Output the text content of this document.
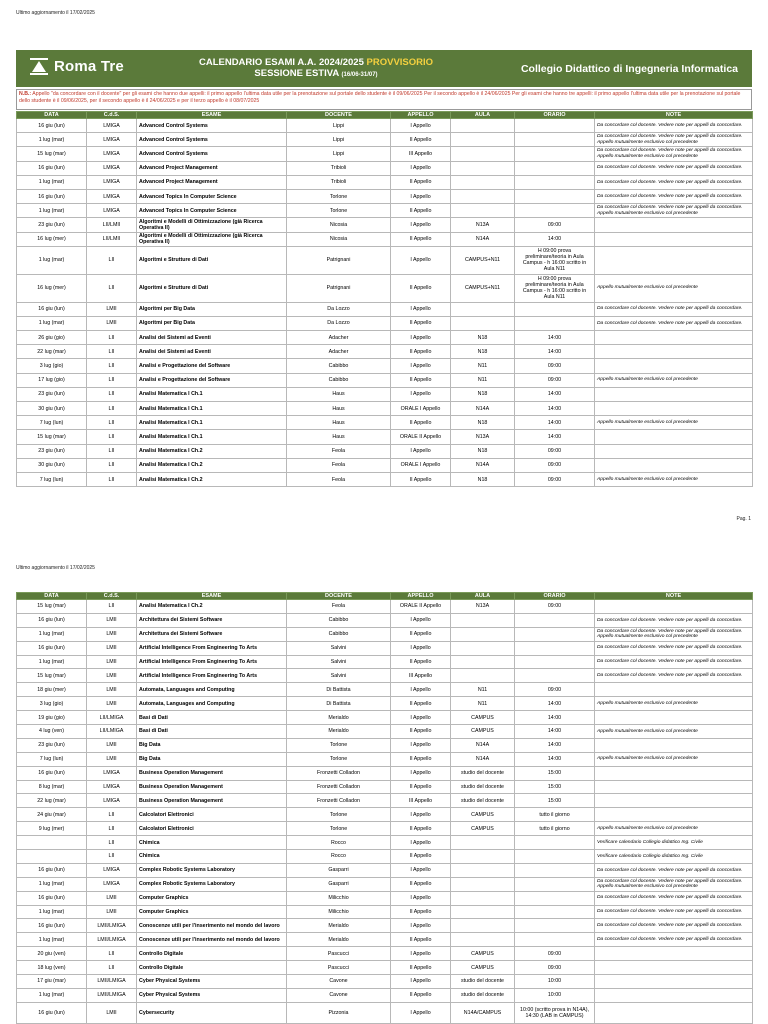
Ultimo aggiornamento il 17/02/2025
Roma Tre	CALENDARIO ESAMI A.A. 2024/2025 PROVVISORIO
SESSIONE ESTIVA (16/06-31/07)	Collegio Didattico di Ingegneria Informatica
N.B.: Appello "da concordare con il docente" per gli esami che hanno due appelli: il primo appello l'ultima data utile per la prenotazione sul portale dello studente è il 09/06/2025 Per il secondo appello è il 24/06/2025 Per gli esami che hanno tre appelli: il primo appello l'ultima data utile per la prenotazione sul portale dello studente è il 09/06/2025, per il secondo appello è il 24/06/2025 e per il terzo appello è il 08/07/2025
DATA	C.d.S.	ESAME	DOCENTE	APPELLO	AULA	ORARIO	NOTE
16 giu (lun)	LMIGA	Advanced Control Systems	Lippi	I Appello			Da concordare col docente. Vedere note per appelli da concordare.
1 lug (mar)	LMIGA	Advanced Control Systems	Lippi	II Appello			Da concordare col docente. Vedere note per appelli da concordare. Appello mutualmente esclusivo col precedente
15 lug (mar)	LMIGA	Advanced Control Systems	Lippi	III Appello			Da concordare col docente. Vedere note per appelli da concordare. Appello mutualmente esclusivo col precedente
16 giu (lun)	LMIGA	Advanced Project Management	Tribioli	I Appello			Da concordare col docente. Vedere note per appelli da concordare.
1 lug (mar)	LMIGA	Advanced Project Management	Tribioli	II Appello			Da concordare col docente. Vedere note per appelli da concordare.
16 giu (lun)	LMIGA	Advanced Topics In Computer Science	Torlone	I Appello			Da concordare col docente. Vedere note per appelli da concordare.
1 lug (mar)	LMIGA	Advanced Topics In Computer Science	Torlone	II Appello			Da concordare col docente. Vedere note per appelli da concordare. Appello mutualmente esclusivo col precedente
23 giu (lun)	LII/LMII	Algoritmi e Modelli di Ottimizzazione (già Ricerca Operativa II)	Nicosia	I Appello	N13A	09:00	
16 lug (mer)	LII/LMII	Algoritmi e Modelli di Ottimizzazione (già Ricerca Operativa II)	Nicosia	II Appello	N14A	14:00	
1 lug (mar)	LII	Algoritmi e Strutture di Dati	Patrignani	I Appello	CAMPUS+N11	H 09:00 prova preliminare/teoria in Aula Campus - h 16:00 scritto in Aula N11	
16 lug (mer)	LII	Algoritmi e Strutture di Dati	Patrignani	II Appello	CAMPUS+N11	H 09:00 prova preliminare/teoria in Aula Campus - h 16:00 scritto in Aula N11	Appello mutualmente esclusivo col precedente
16 giu (lun)	LMII	Algoritmi per Big Data	Da Lozzo	I Appello			Da concordare col docente. Vedere note per appelli da concordare.
1 lug (mar)	LMII	Algoritmi per Big Data	Da Lozzo	II Appello			Da concordare col docente. Vedere note per appelli da concordare.
26 giu (gio)	LII	Analisi dei Sistemi ad Eventi	Adacher	I Appello	N18	14:00	
22 lug (mar)	LII	Analisi dei Sistemi ad Eventi	Adacher	II Appello	N18	14:00	
3 lug (gio)	LII	Analisi e Progettazione del Software	Cabibbo	I Appello	N11	09:00	
17 lug (gio)	LII	Analisi e Progettazione del Software	Cabibbo	II Appello	N11	09:00	Appello mutualmente esclusivo col precedente
23 giu (lun)	LII	Analisi Matematica I Ch.1	Haus	I Appello	N18	14:00	
30 giu (lun)	LII	Analisi Matematica I Ch.1	Haus	ORALE I Appello	N14A	14:00	
7 lug (lun)	LII	Analisi Matematica I Ch.1	Haus	II Appello	N18	14:00	Appello mutualmente esclusivo col precedente
15 lug (mar)	LII	Analisi Matematica I Ch.1	Haus	ORALE II Appello	N13A	14:00	
23 giu (lun)	LII	Analisi Matematica I Ch.2	Feola	I Appello	N18	09:00	
30 giu (lun)	LII	Analisi Matematica I Ch.2	Feola	ORALE I Appello	N14A	09:00	
7 lug (lun)	LII	Analisi Matematica I Ch.2	Feola	II Appello	N18	09:00	Appello mutualmente esclusivo col precedente
Pag. 1
Ultimo aggiornamento il 17/02/2025
DATA	C.d.S.	ESAME	DOCENTE	APPELLO	AULA	ORARIO	NOTE
15 lug (mar)	LII	Analisi Matematica I Ch.2	Feola	ORALE II Appello	N13A	09:00	
16 giu (lun)	LMII	Architettura dei Sistemi Software	Cabibbo	I Appello			Da concordare col docente. Vedere note per appelli da concordare.
1 lug (mar)	LMII	Architettura dei Sistemi Software	Cabibbo	II Appello			Da concordare col docente. Vedere note per appelli da concordare. Appello mutualmente esclusivo col precedente
16 giu (lun)	LMII	Artificial Intelligence From Engineering To Arts	Salvini	I Appello			Da concordare col docente. Vedere note per appelli da concordare.
1 lug (mar)	LMII	Artificial Intelligence From Engineering To Arts	Salvini	II Appello			Da concordare col docente. Vedere note per appelli da concordare.
15 lug (mar)	LMII	Artificial Intelligence From Engineering To Arts	Salvini	III Appello			Da concordare col docente. Vedere note per appelli da concordare.
18 giu (mer)	LMII	Automata, Languages and Computing	Di Battista	I Appello	N11	09:00	
3 lug (gio)	LMII	Automata, Languages and Computing	Di Battista	II Appello	N11	14:00	Appello mutualmente esclusivo col precedente
19 giu (gio)	LII/LMIGA	Basi di Dati	Merialdo	I Appello	CAMPUS	14:00	
4 lug (ven)	LII/LMIGA	Basi di Dati	Merialdo	II Appello	CAMPUS	14:00	Appello mutualmente esclusivo col precedente
23 giu (lun)	LMII	Big Data	Torlone	I Appello	N14A	14:00	
7 lug (lun)	LMII	Big Data	Torlone	II Appello	N14A	14:00	Appello mutualmente esclusivo col precedente
16 giu (lun)	LMIGA	Business Operation Management	Fronzetti Colladon	I Appello	studio del docente	15:00	
8 lug (mar)	LMIGA	Business Operation Management	Fronzetti Colladon	II Appello	studio del docente	15:00	
22 lug (mar)	LMIGA	Business Operation Management	Fronzetti Colladon	III Appello	studio del docente	15:00	
24 giu (mar)	LII	Calcolatori Elettronici	Torlone	I Appello	CAMPUS	tutto il giorno	
9 lug (mer)	LII	Calcolatori Elettronici	Torlone	II Appello	CAMPUS	tutto il giorno	Appello mutualmente esclusivo col precedente
	LII	Chimica	Rocco	I Appello			Verificare calendario Collegio didattico Ing. Civile
	LII	Chimica	Rocco	II Appello			Verificare calendario Collegio didattico Ing. Civile
16 giu (lun)	LMIGA	Complex Robotic Systems Laboratory	Gasparri	I Appello			Da concordare col docente. Vedere note per appelli da concordare.
1 lug (mar)	LMIGA	Complex Robotic Systems Laboratory	Gasparri	II Appello			Da concordare col docente. Vedere note per appelli da concordare. Appello mutualmente esclusivo col precedente
16 giu (lun)	LMII	Computer Graphics	Milicchio	I Appello			Da concordare col docente. Vedere note per appelli da concordare.
1 lug (mar)	LMII	Computer Graphics	Milicchio	II Appello			Da concordare col docente. Vedere note per appelli da concordare.
16 giu (lun)	LMII/LMIGA	Conoscenze utili per l'inserimento nel mondo del lavoro	Merialdo	I Appello			Da concordare col docente. Vedere note per appelli da concordare.
1 lug (mar)	LMII/LMIGA	Conoscenze utili per l'inserimento nel mondo del lavoro	Merialdo	II Appello			Da concordare col docente. Vedere note per appelli da concordare.
20 giu (ven)	LII	Controllo Digitale	Pascucci	I Appello	CAMPUS	09:00	
18 lug (ven)	LII	Controllo Digitale	Pascucci	II Appello	CAMPUS	09:00	
17 giu (mar)	LMII/LMIGA	Cyber Physical Systems	Cavone	I Appello	studio del docente	10:00	
1 lug (mar)	LMII/LMIGA	Cyber Physical Systems	Cavone	II Appello	studio del docente	10:00	
16 giu (lun)	LMII	Cybersecurity	Pizzonia	I Appello	N14A/CAMPUS	10:00 (scritto prova in N14A), 14:30 (LAB in CAMPUS)	
